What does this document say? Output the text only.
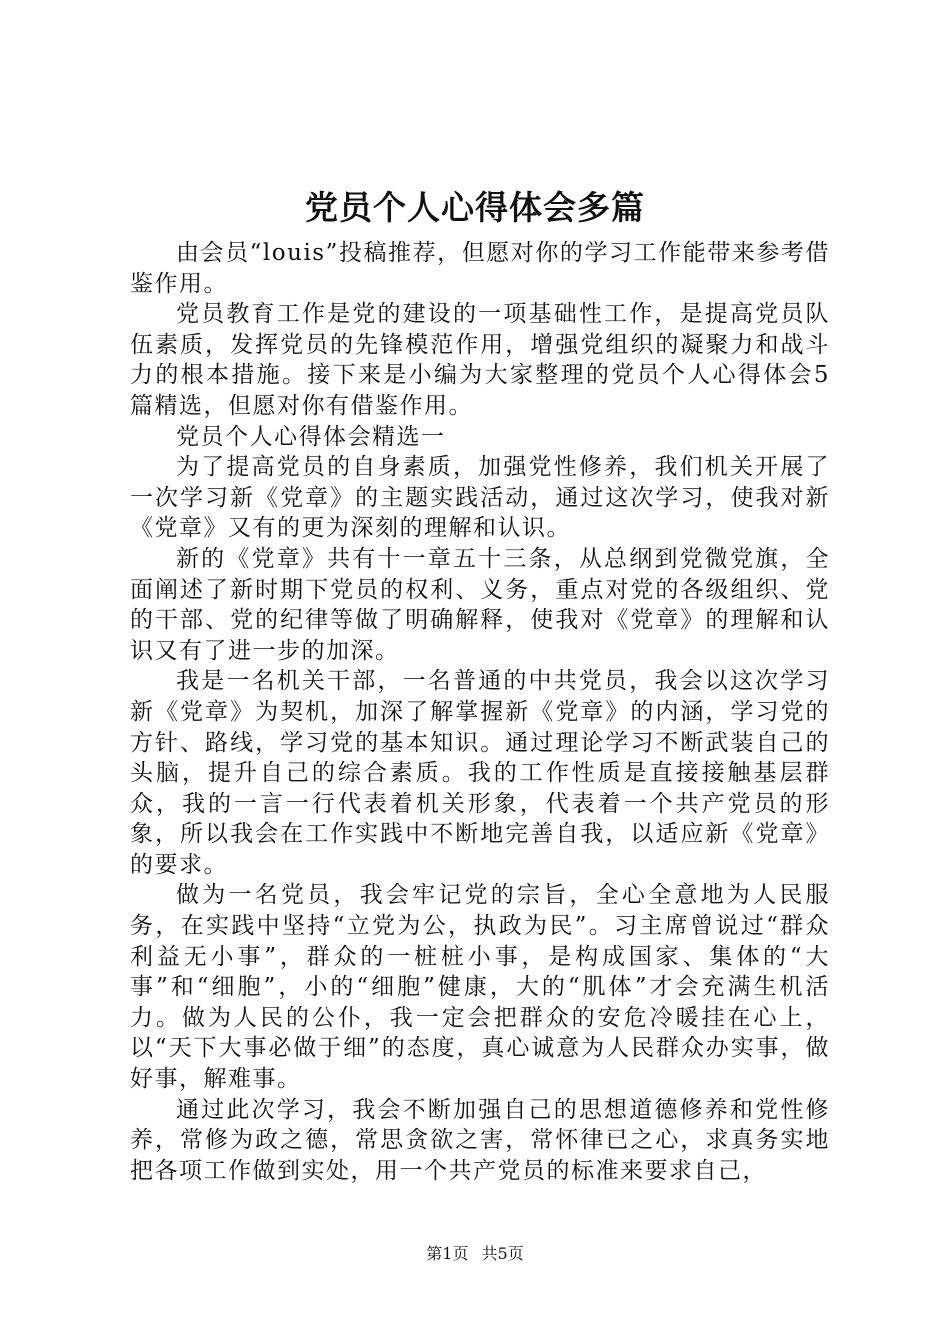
党员个人心得体会多篇

由会员“louis”投稿推荐，但愿对你的学习工作能带来参考借鉴作用。

党员教育工作是党的建设的一项基础性工作，是提高党员队伍素质，发挥党员的先锋模范作用，增强党组织的凝聚力和战斗力的根本措施。接下来是小编为大家整理的党员个人心得体会5篇精选，但愿对你有借鉴作用。

党员个人心得体会精选一

为了提高党员的自身素质，加强党性修养，我们机关开展了一次学习新《党章》的主题实践活动，通过这次学习，使我对新《党章》又有的更为深刻的理解和认识。

新的《党章》共有十一章五十三条，从总纲到党微党旗，全面阐述了新时期下党员的权利、义务，重点对党的各级组织、党的干部、党的纪律等做了明确解释，使我对《党章》的理解和认识又有了进一步的加深。

我是一名机关干部，一名普通的中共党员，我会以这次学习新《党章》为契机，加深了解掌握新《党章》的内涵，学习党的方针、路线，学习党的基本知识。通过理论学习不断武装自己的头脑，提升自己的综合素质。我的工作性质是直接接触基层群众，我的一言一行代表着机关形象，代表着一个共产党员的形象，所以我会在工作实践中不断地完善自我，以适应新《党章》的要求。

做为一名党员，我会牢记党的宗旨，全心全意地为人民服务，在实践中坚持“立党为公，执政为民”。习主席曾说过“群众利益无小事”，群众的一桩桩小事，是构成国家、集体的“大事”和“细胞”，小的“细胞”健康，大的“肌体”才会充满生机活力。做为人民的公仆，我一定会把群众的安危冷暖挂在心上，以“天下大事必做于细”的态度，真心诚意为人民群众办实事，做好事，解难事。

通过此次学习，我会不断加强自己的思想道德修养和党性修养，常修为政之德，常思贪欲之害，常怀律已之心，求真务实地把各项工作做到实处，用一个共产党员的标准来要求自己，

第1页 共5页
